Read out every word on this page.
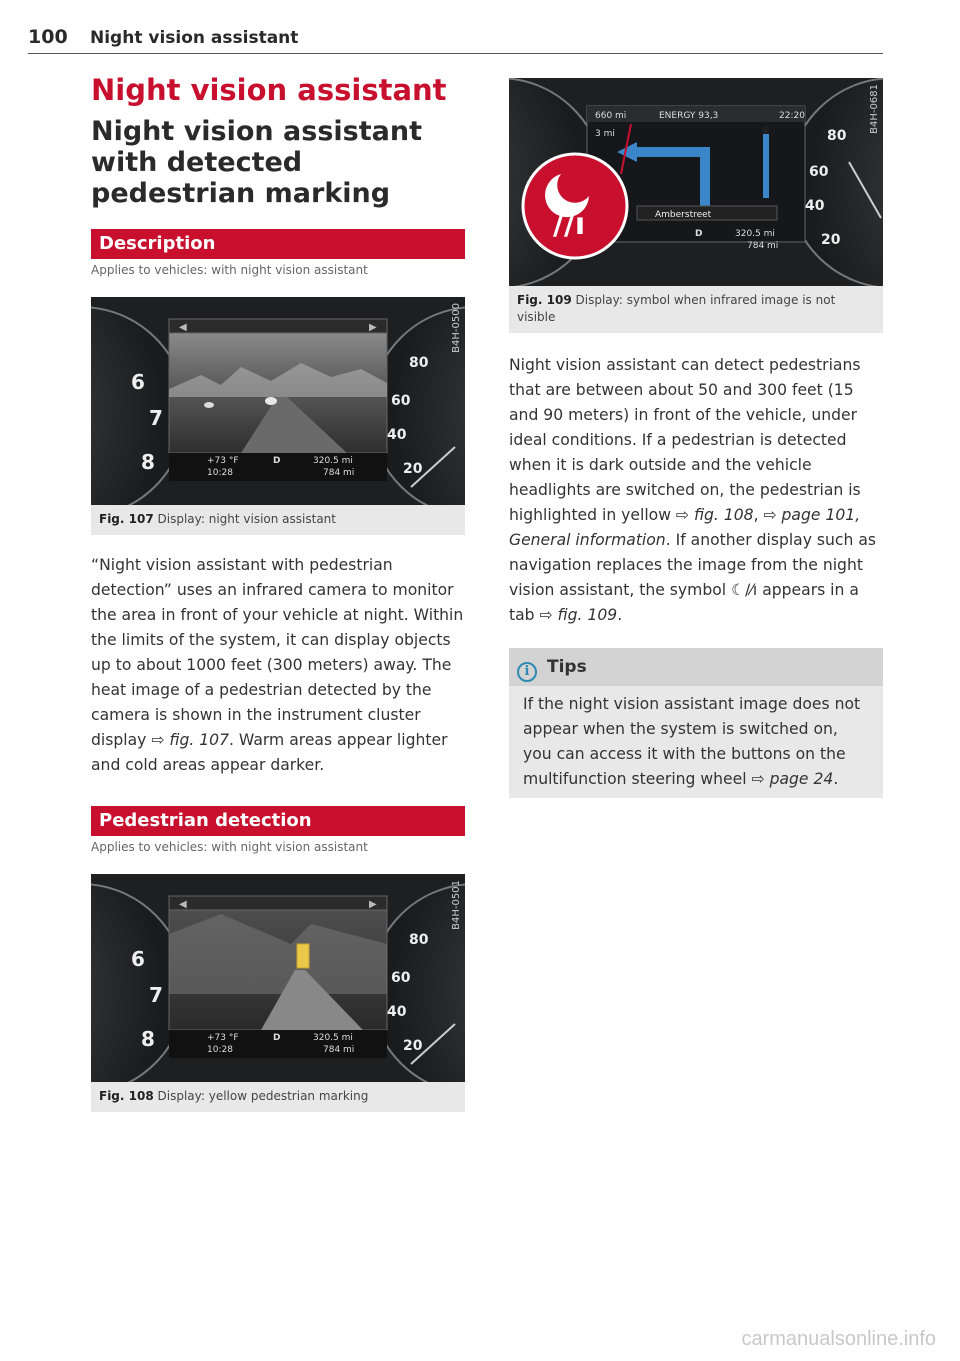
100 Night vision assistant
Night vision assistant
Night vision assistant with detected pedestrian marking
Description
Applies to vehicles: with night vision assistant
◀	▶
6
7
8
80
60
40
20
+73 °F
10:28
D	320.5 mi
784 mi
B4H-0500
Fig. 107 Display: night vision assistant

“Night vision assistant with pedestrian detection” uses an infrared camera to monitor the area in front of your vehicle at night. Within the limits of the system, it can display objects up to about 1000 feet (300 meters) away. The heat image of a pedestrian detected by the camera is shown in the instrument cluster display ⇨ fig. 107. Warm areas appear lighter and cold areas appear darker.

Pedestrian detection
Applies to vehicles: with night vision assistant
◀	▶
6
7
8
80
60
40
20
+73 °F
10:28
D	320.5 mi
784 mi
B4H-0501
Fig. 108 Display: yellow pedestrian marking
660 mi
3 mi
ENERGY 93,3	22:20
Amberstreet
D	320.5 mi
784 mi
∕∕ı
80
60
40
20
B4H-0681
Fig. 109 Display: symbol when infrared image is not visible

Night vision assistant can detect pedestrians that are between about 50 and 300 feet (15 and 90 meters) in front of the vehicle, under ideal conditions. If a pedestrian is detected when it is dark outside and the vehicle headlights are switched on, the pedestrian is highlighted in yellow ⇨ fig. 108, ⇨ page 101, General information. If another display such as navigation replaces the image from the night vision assistant, the symbol ☾∕⁄ı appears in a tab ⇨ fig. 109.

i Tips
If the night vision assistant image does not appear when the system is switched on, you can access it with the buttons on the multifunction steering wheel ⇨ page 24.
carmanualsonline.info
